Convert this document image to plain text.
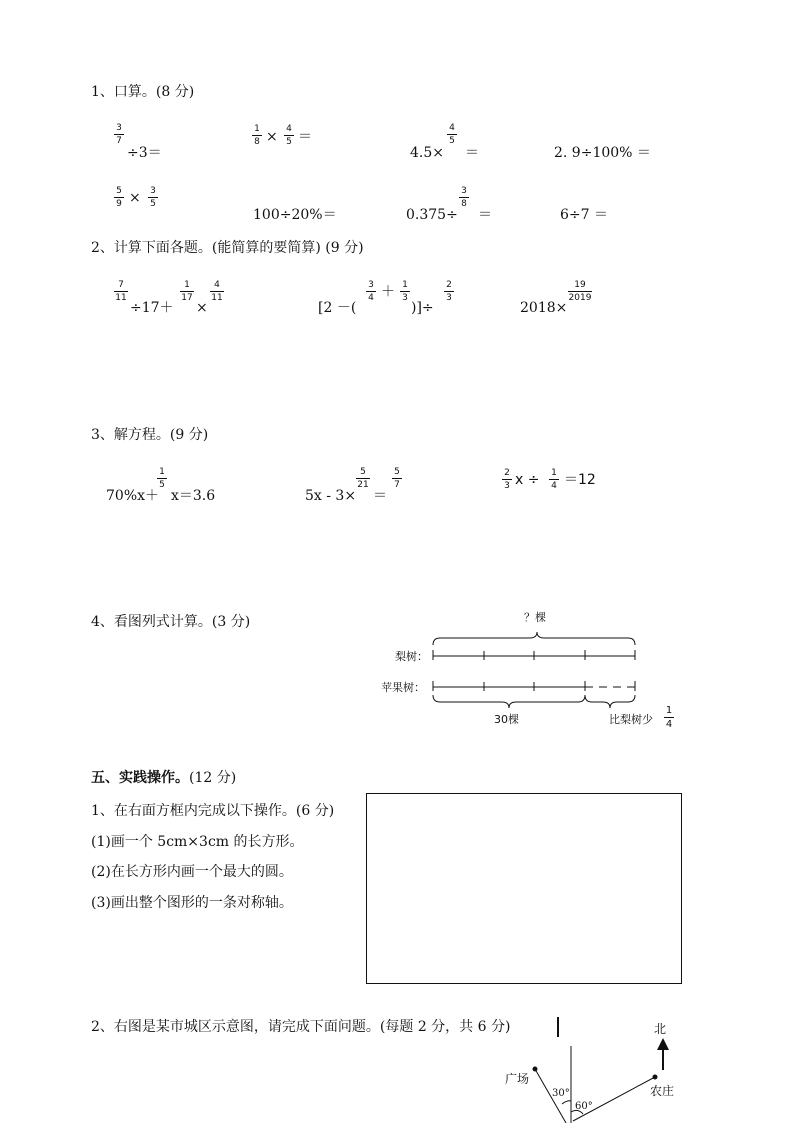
1、口算。(8 分)
3
7
÷3＝
1
8 × 4
5 ＝
4.5×
4
5
＝	2. 9÷100% ＝
5
9 × 3
5
100÷20%＝	0.375÷
3
8
＝	6÷7 ＝
2、计算下面各题。(能简算的要简算) (9 分)
7
11
÷17＋
1
17
×
4
11
[2 －(
3
4 ＋ 1
3
)]÷
2
3
2018×
19
2019
3、解方程。(9 分)
70%x＋
1
5
x＝3.6	5x - 3×
5
21
＝
5
7
2
3 x ÷ 1
4 ＝12
4、看图列式计算。(3 分)	？棵
梨树：
苹果树：
30棵	比梨树少
1
4
五、实践操作。(12 分)
1、在右面方框内完成以下操作。(6 分)
(1)画一个 5cm×3cm 的长方形。
(2)在长方形内画一个最大的圆。
(3)画出整个图形的一条对称轴。
2、右图是某市城区示意图，请完成下面问题。(每题 2 分，共 6 分)	北
广场
农庄
30°
60°
